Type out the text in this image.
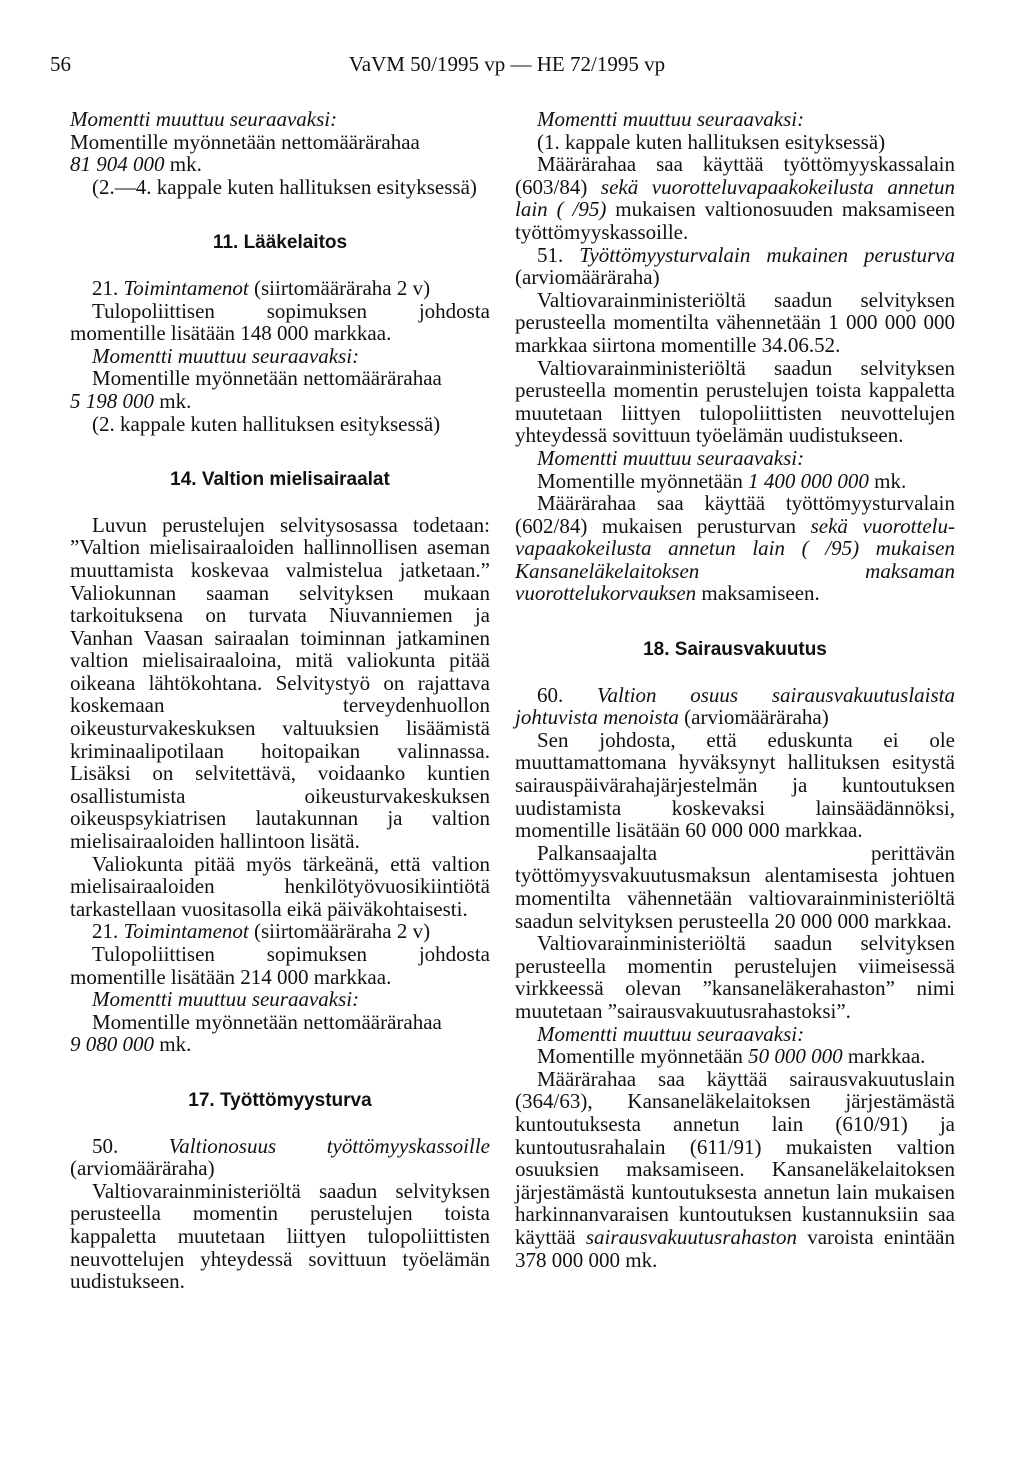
56	VaVM 50/1995 vp — HE 72/1995 vp

Momentti muuttuu seuraavaksi:

Momentille myönnetään nettomäärärahaa

81 904 000 mk.

(2.—4. kappale kuten hallituksen esityksessä)

11. Lääkelaitos

21. Toimintamenot (siirtomääräraha 2 v)

Tulopoliittisen sopimuksen johdosta momentille lisätään 148 000 markkaa.

Momentti muuttuu seuraavaksi:

Momentille myönnetään nettomäärärahaa

5 198 000 mk.

(2. kappale kuten hallituksen esityksessä)

14. Valtion mielisairaalat

Luvun perustelujen selvitysosassa todetaan: ”Valtion mielisairaaloiden hallinnollisen aseman muuttamista koskevaa valmistelua jatketaan.” Valiokunnan saaman selvityksen mukaan tarkoituksena on turvata Niuvanniemen ja Vanhan Vaasan sairaalan toiminnan jatkaminen valtion mielisairaaloina, mitä valiokunta pitää oikeana lähtökohtana. Selvitystyö on rajattava koskemaan terveydenhuollon oikeusturvakeskuksen valtuuksien lisäämistä kriminaalipotilaan hoitopaikan valinnassa. Lisäksi on selvitettävä, voidaanko kuntien osallistumista oikeusturvakeskuksen oikeuspsykiatrisen lautakunnan ja valtion mielisairaaloiden hallintoon lisätä.

Valiokunta pitää myös tärkeänä, että valtion mielisairaaloiden henkilötyövuosikiintiötä tarkastellaan vuositasolla eikä päiväkohtaisesti.

21. Toimintamenot (siirtomääräraha 2 v)

Tulopoliittisen sopimuksen johdosta momentille lisätään 214 000 markkaa.

Momentti muuttuu seuraavaksi:

Momentille myönnetään nettomäärärahaa

9 080 000 mk.

17. Työttömyysturva

50. Valtionosuus työttömyyskassoille (arviomääräraha)

Valtiovarainministeriöltä saadun selvityksen perusteella momentin perustelujen toista kappaletta muutetaan liittyen tulopoliittisten neuvottelujen yhteydessä sovittuun työelämän uudistukseen.

Momentti muuttuu seuraavaksi:

(1. kappale kuten hallituksen esityksessä)

Määrärahaa saa käyttää työttömyyskassalain (603/84) sekä vuorotteluvapaakokeilusta annetun lain ( /95) mukaisen valtionosuuden maksamiseen työttömyyskassoille.

51. Työttömyysturvalain mukainen perusturva (arviomääräraha)

Valtiovarainministeriöltä saadun selvityksen perusteella momentilta vähennetään 1 000 000 000 markkaa siirtona momentille 34.06.52.

Valtiovarainministeriöltä saadun selvityksen perusteella momentin perustelujen toista kappaletta muutetaan liittyen tulopoliittisten neuvottelujen yhteydessä sovittuun työelämän uudistukseen.

Momentti muuttuu seuraavaksi:

Momentille myönnetään 1 400 000 000 mk.

Määrärahaa saa käyttää työttömyysturvalain (602/84) mukaisen perusturvan sekä vuorotteluvapaakokeilusta annetun lain ( /95) mukaisen Kansaneläkelaitoksen maksaman vuorottelukorvauksen maksamiseen.

18. Sairausvakuutus

60. Valtion osuus sairausvakuutuslaista johtuvista menoista (arviomääräraha)

Sen johdosta, että eduskunta ei ole muuttamattomana hyväksynyt hallituksen esitystä sairauspäivärahajärjestelmän ja kuntoutuksen uudistamista koskevaksi lainsäädännöksi, momentille lisätään 60 000 000 markkaa.

Palkansaajalta perittävän työttömyysvakuutusmaksun alentamisesta johtuen momentilta vähennetään valtiovarainministeriöltä saadun selvityksen perusteella 20 000 000 markkaa.

Valtiovarainministeriöltä saadun selvityksen perusteella momentin perustelujen viimeisessä virkkeessä olevan ”kansaneläkerahaston” nimi muutetaan ”sairausvakuutusrahastoksi”.

Momentti muuttuu seuraavaksi:

Momentille myönnetään 50 000 000 markkaa.

Määrärahaa saa käyttää sairausvakuutuslain (364/63), Kansaneläkelaitoksen järjestämästä kuntoutuksesta annetun lain (610/91) ja kuntoutusrahalain (611/91) mukaisten valtion osuuksien maksamiseen. Kansaneläkelaitoksen järjestämästä kuntoutuksesta annetun lain mukaisen harkinnanvaraisen kuntoutuksen kustannuksiin saa käyttää sairausvakuutusrahaston varoista enintään 378 000 000 mk.
